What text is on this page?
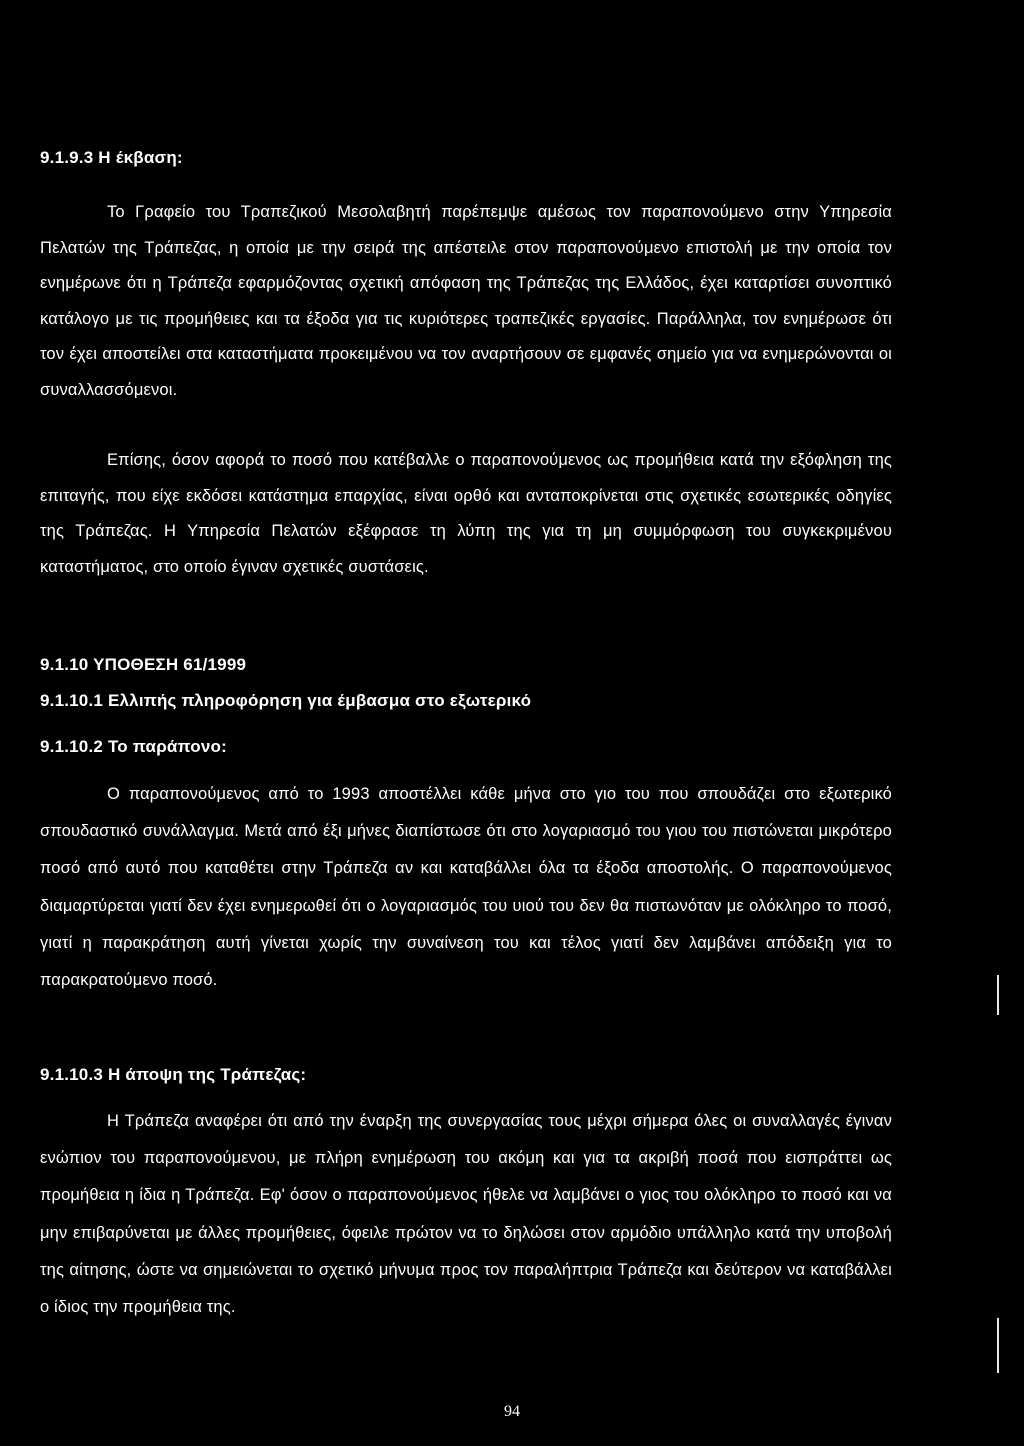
9.1.9.3 Η έκβαση:

Το Γραφείο του Τραπεζικού Μεσολαβητή παρέπεμψε αμέσως τον παραπονούμενο στην Υπηρεσία Πελατών της Τράπεζας, η οποία με την σειρά της απέστειλε στον παραπονούμενο επιστολή με την οποία τον ενημέρωνε ότι η Τράπεζα εφαρμόζοντας σχετική απόφαση της Τράπεζας της Ελλάδος, έχει καταρτίσει συνοπτικό κατάλογο με τις προμήθειες και τα έξοδα για τις κυριότερες τραπεζικές εργασίες. Παράλληλα, τον ενημέρωσε ότι τον έχει αποστείλει στα καταστήματα προκειμένου να τον αναρτήσουν σε εμφανές σημείο για να ενημερώνονται οι συναλλασσόμενοι.

Επίσης, όσον αφορά το ποσό που κατέβαλλε ο παραπονούμενος ως προμήθεια κατά την εξόφληση της επιταγής, που είχε εκδόσει κατάστημα επαρχίας, είναι ορθό και ανταποκρίνεται στις σχετικές εσωτερικές οδηγίες της Τράπεζας. Η Υπηρεσία Πελατών εξέφρασε τη λύπη της για τη μη συμμόρφωση του συγκεκριμένου καταστήματος, στο οποίο έγιναν σχετικές συστάσεις.

9.1.10 ΥΠΟΘΕΣΗ 61/1999
9.1.10.1 Ελλιπής πληροφόρηση για έμβασμα στο εξωτερικό
9.1.10.2 Το παράπονο:

Ο παραπονούμενος από το 1993 αποστέλλει κάθε μήνα στο γιο του που σπουδάζει στο εξωτερικό σπουδαστικό συνάλλαγμα. Μετά από έξι μήνες διαπίστωσε ότι στο λογαριασμό του γιου του πιστώνεται μικρότερο ποσό από αυτό που καταθέτει στην Τράπεζα αν και καταβάλλει όλα τα έξοδα αποστολής. Ο παραπονούμενος διαμαρτύρεται γιατί δεν έχει ενημερωθεί ότι ο λογαριασμός του υιού του δεν θα πιστωνόταν με ολόκληρο το ποσό, γιατί η παρακράτηση αυτή γίνεται χωρίς την συναίνεση του και τέλος γιατί δεν λαμβάνει απόδειξη για το παρακρατούμενο ποσό.

9.1.10.3 Η άποψη της Τράπεζας:

Η Τράπεζα αναφέρει ότι από την έναρξη της συνεργασίας τους μέχρι σήμερα όλες οι συναλλαγές έγιναν ενώπιον του παραπονούμενου, με πλήρη ενημέρωση του ακόμη και για τα ακριβή ποσά που εισπράττει ως προμήθεια η ίδια η Τράπεζα. Εφ' όσον ο παραπονούμενος ήθελε να λαμβάνει ο γιος του ολόκληρο το ποσό και να μην επιβαρύνεται με άλλες προμήθειες, όφειλε πρώτον να το δηλώσει στον αρμόδιο υπάλληλο κατά την υποβολή της αίτησης, ώστε να σημειώνεται το σχετικό μήνυμα προς τον παραλήπτρια Τράπεζα και δεύτερον να καταβάλλει ο ίδιος την προμήθεια της.

94
